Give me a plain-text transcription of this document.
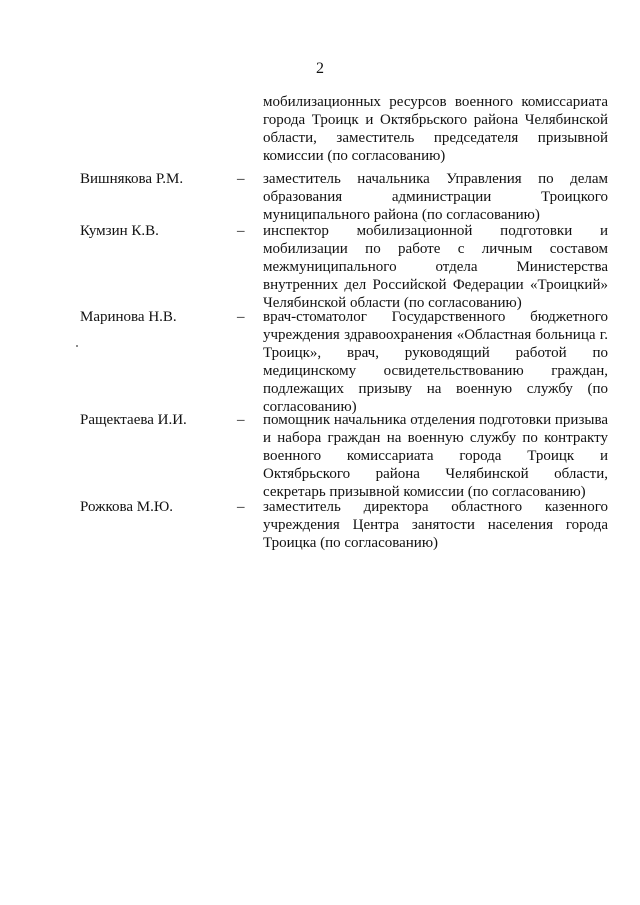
2
мобилизационных ресурсов военного комиссариата города Троицк и Октябрьского района Челябинской области, заместитель председателя призывной комиссии (по согласованию)
Вишнякова Р.М.	– заместитель начальника Управления по делам образования администрации Троицкого муниципального района (по согласованию)
Кумзин К.В.	– инспектор мобилизационной подготовки и мобилизации по работе с личным составом межмуниципального отдела Министерства внутренних дел Российской Федерации «Троицкий» Челябинской области (по согласованию)
Маринова Н.В.	– врач-стоматолог Государственного бюджетного учреждения здравоохранения «Областная больница г. Троицк», врач, руководящий работой по медицинскому освидетельствованию граждан, подлежащих призыву на военную службу (по согласованию)
Ращектаева И.И.	– помощник начальника отделения подготовки призыва и набора граждан на военную службу по контракту военного комиссариата города Троицк и Октябрьского района Челябинской области, секретарь призывной комиссии (по согласованию)
Рожкова М.Ю.	– заместитель директора областного казенного учреждения Центра занятости населения города Троицка (по согласованию)
